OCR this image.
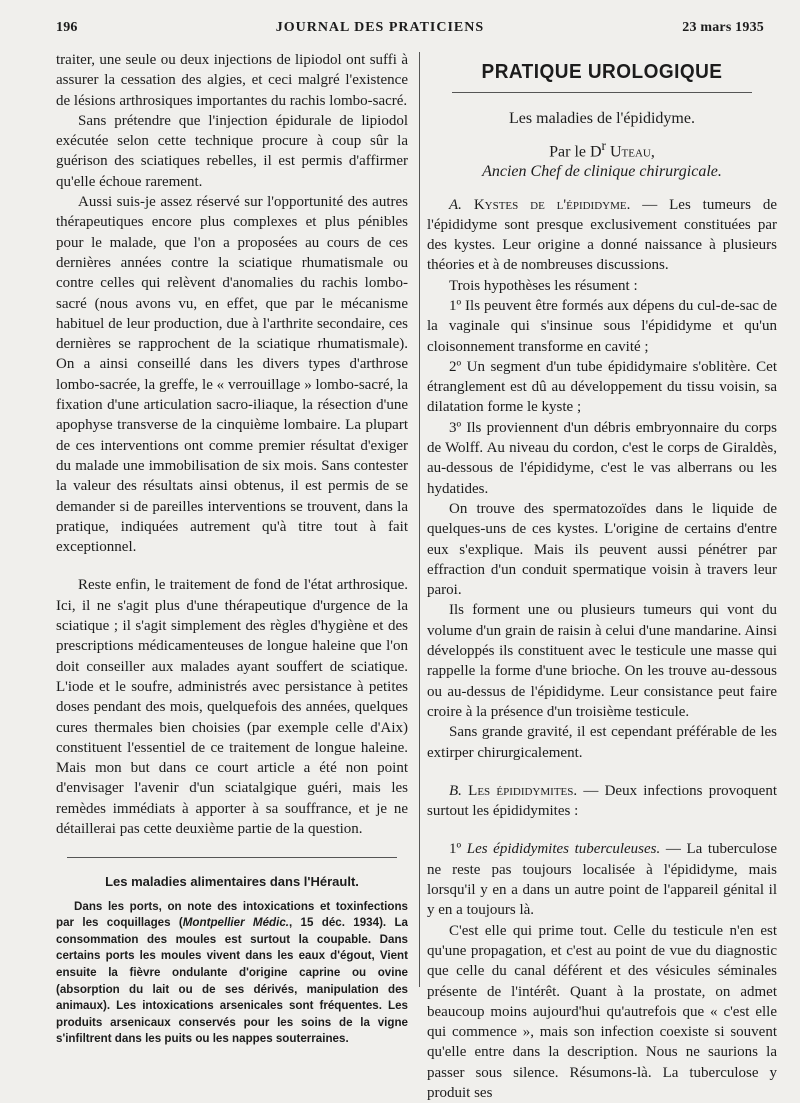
196	JOURNAL DES PRATICIENS	23 mars 1935

traiter, une seule ou deux injections de lipiodol ont suffi à assurer la cessation des algies, et ceci malgré l'existence de lésions arthrosiques importantes du rachis lombo-sacré.

Sans prétendre que l'injection épidurale de lipiodol exécutée selon cette technique procure à coup sûr la guérison des sciatiques rebelles, il est permis d'affirmer qu'elle échoue rarement.

Aussi suis-je assez réservé sur l'opportunité des autres thérapeutiques encore plus complexes et plus pénibles pour le malade, que l'on a proposées au cours de ces dernières années contre la sciatique rhumatismale ou contre celles qui relèvent d'anomalies du rachis lombo-sacré (nous avons vu, en effet, que par le mécanisme habituel de leur production, due à l'arthrite secondaire, ces dernières se rapprochent de la sciatique rhumatismale). On a ainsi conseillé dans les divers types d'arthrose lombo-sacrée, la greffe, le « verrouillage » lombo-sacré, la fixation d'une articulation sacro-iliaque, la résection d'une apophyse transverse de la cinquième lombaire. La plupart de ces interventions ont comme premier résultat d'exiger du malade une immobilisation de six mois. Sans contester la valeur des résultats ainsi obtenus, il est permis de se demander si de pareilles interventions se trouvent, dans la pratique, indiquées autrement qu'à titre tout à fait exceptionnel.

Reste enfin, le traitement de fond de l'état arthrosique. Ici, il ne s'agit plus d'une thérapeutique d'urgence de la sciatique ; il s'agit simplement des règles d'hygiène et des prescriptions médicamenteuses de longue haleine que l'on doit conseiller aux malades ayant souffert de sciatique. L'iode et le soufre, administrés avec persistance à petites doses pendant des mois, quelquefois des années, quelques cures thermales bien choisies (par exemple celle d'Aix) constituent l'essentiel de ce traitement de longue haleine. Mais mon but dans ce court article a été non point d'envisager l'avenir d'un sciatalgique guéri, mais les remèdes immédiats à apporter à sa souffrance, et je ne détaillerai pas cette deuxième partie de la question.

Les maladies alimentaires dans l'Hérault.

Dans les ports, on note des intoxications et toxinfections par les coquillages (Montpellier Médic., 15 déc. 1934). La consommation des moules est surtout la coupable. Dans certains ports les moules vivent dans les eaux d'égout, Vient ensuite la fièvre ondulante d'origine caprine ou ovine (absorption du lait ou de ses dérivés, manipulation des animaux). Les intoxications arsenicales sont fréquentes. Les produits arsenicaux conservés pour les soins de la vigne s'infiltrent dans les puits ou les nappes souterraines.

PRATIQUE UROLOGIQUE
Les maladies de l'épididyme.
Par le $D^r$ Uteau,
Ancien Chef de clinique chirurgicale.

A. Kystes de l'épididyme. — Les tumeurs de l'épididyme sont presque exclusivement constituées par des kystes. Leur origine a donné naissance à plusieurs théories et à de nombreuses discussions.

Trois hypothèses les résument :

1º Ils peuvent être formés aux dépens du cul-de-sac de la vaginale qui s'insinue sous l'épididyme et qu'un cloisonnement transforme en cavité ;

2º Un segment d'un tube épididymaire s'oblitère. Cet étranglement est dû au développement du tissu voisin, sa dilatation forme le kyste ;

3º Ils proviennent d'un débris embryonnaire du corps de Wolff. Au niveau du cordon, c'est le corps de Giraldès, au-dessous de l'épididyme, c'est le vas alberrans ou les hydatides.

On trouve des spermatozoïdes dans le liquide de quelques-uns de ces kystes. L'origine de certains d'entre eux s'explique. Mais ils peuvent aussi pénétrer par effraction d'un conduit spermatique voisin à travers leur paroi.

Ils forment une ou plusieurs tumeurs qui vont du volume d'un grain de raisin à celui d'une mandarine. Ainsi développés ils constituent avec le testicule une masse qui rappelle la forme d'une brioche. On les trouve au-dessous ou au-dessus de l'épididyme. Leur consistance peut faire croire à la présence d'un troisième testicule.

Sans grande gravité, il est cependant préférable de les extirper chirurgicalement.

B. Les épididymites. — Deux infections provoquent surtout les épididymites :

1º Les épididymites tuberculeuses. — La tuberculose ne reste pas toujours localisée à l'épididyme, mais lorsqu'il y en a dans un autre point de l'appareil génital il y en a toujours là.

C'est elle qui prime tout. Celle du testicule n'en est qu'une propagation, et c'est au point de vue du diagnostic que celle du canal déférent et des vésicules séminales présente de l'intérêt. Quant à la prostate, on admet beaucoup moins aujourd'hui qu'autrefois que « c'est elle qui commence », mais son infection coexiste si souvent qu'elle entre dans la description. Nous ne saurions la passer sous silence. Résumons-là. La tuberculose y produit ses
